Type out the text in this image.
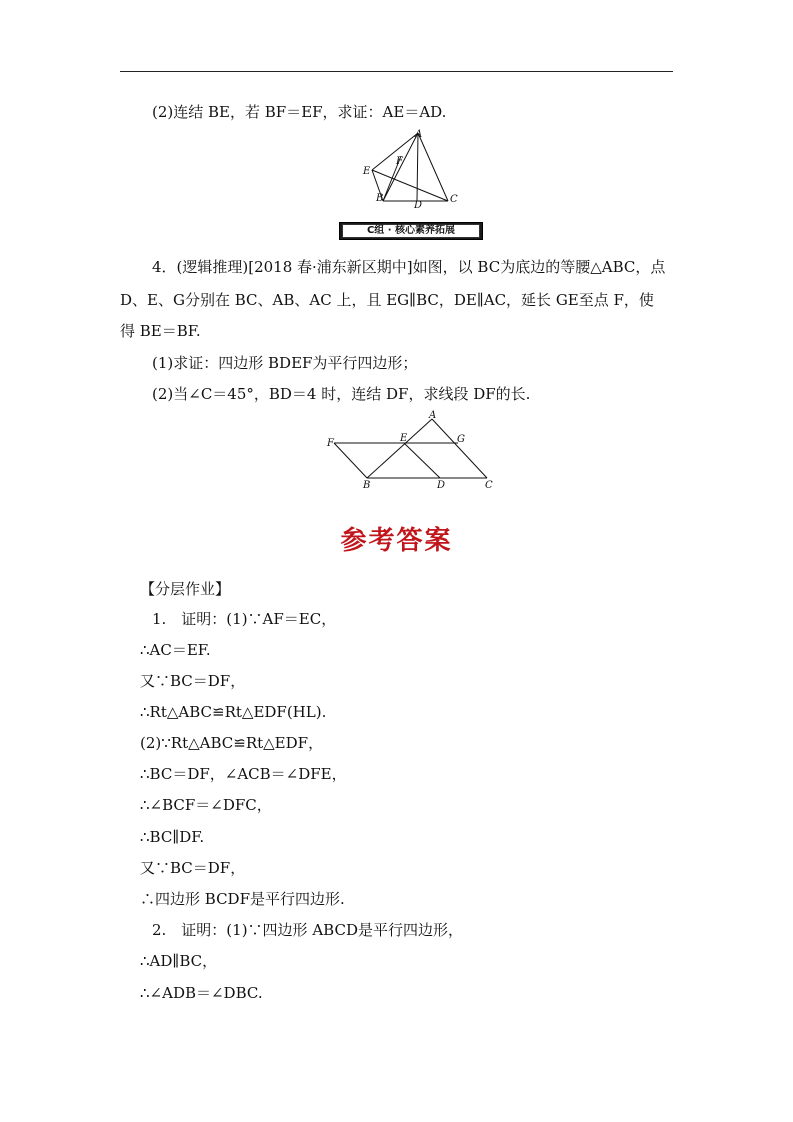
(2)连结 BE，若 BF＝EF，求证：AE＝AD.
A
F
E
B
D
C
C组 · 核心素养拓展
4．(逻辑推理)[2018 春·浦东新区期中]如图，以 BC为底边的等腰△ABC，点
D、E、G分别在 BC、AB、AC 上，且 EG∥BC，DE∥AC，延长 GE至点 F，使
得 BE＝BF.
(1)求证：四边形 BDEF为平行四边形；
(2)当∠C＝45°，BD＝4 时，连结 DF，求线段 DF的长.
A
F	E	G
B	D	C
参考答案
【分层作业】
1.　证明：(1)∵AF＝EC，
∴AC＝EF.
又∵BC＝DF，
∴Rt△ABC≌Rt△EDF(HL).
(2)∵Rt△ABC≌Rt△EDF，
∴BC＝DF，∠ACB＝∠DFE，
∴∠BCF＝∠DFC，
∴BC∥DF.
又∵BC＝DF，
∴四边形 BCDF是平行四边形.
2.　证明：(1)∵四边形 ABCD是平行四边形，
∴AD∥BC，
∴∠ADB＝∠DBC.
